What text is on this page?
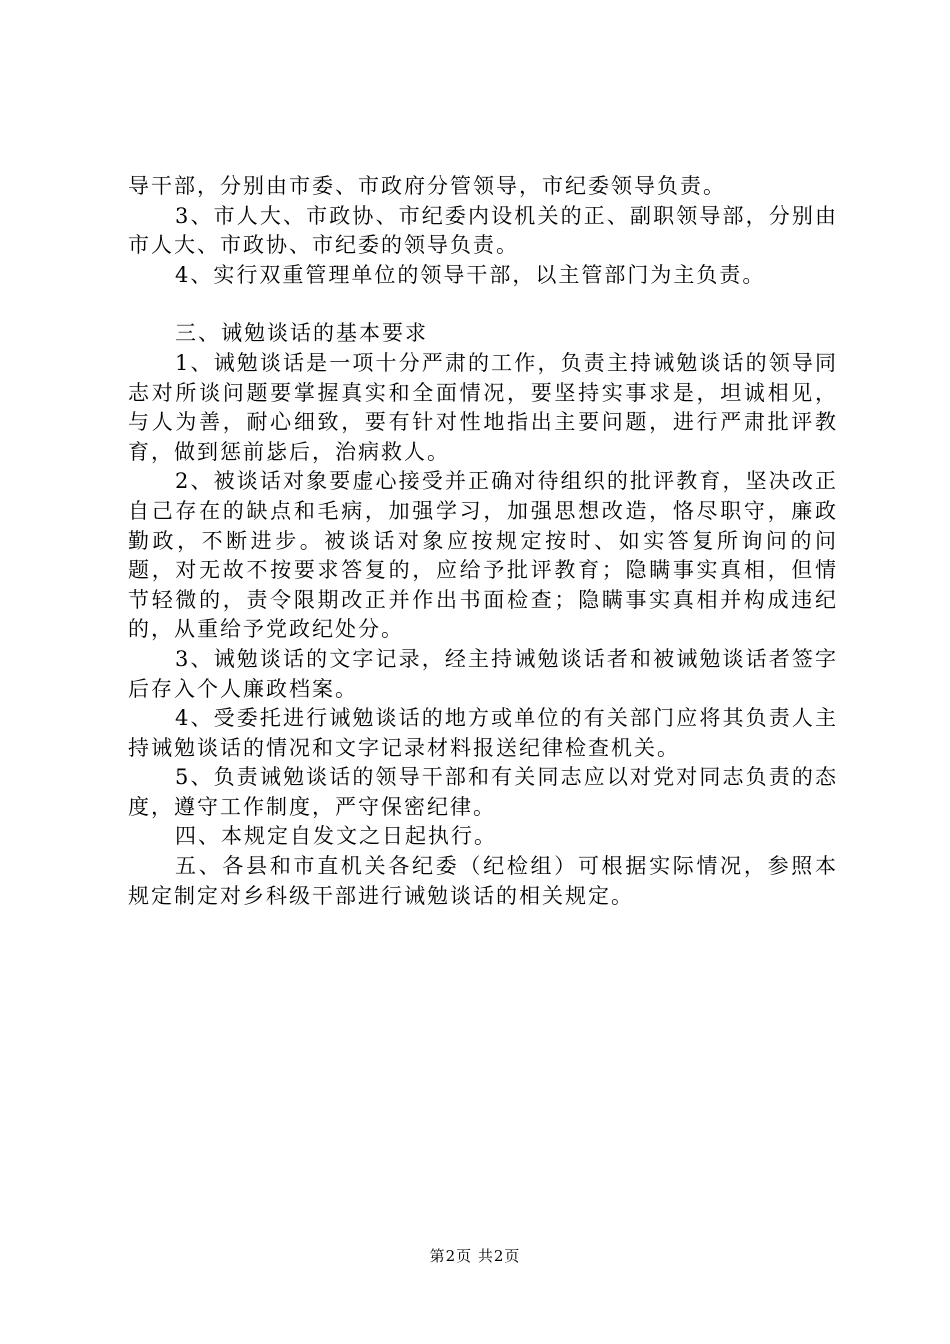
导干部，分别由市委、市政府分管领导，市纪委领导负责。

3、市人大、市政协、市纪委内设机关的正、副职领导部，分别由市人大、市政协、市纪委的领导负责。

4、实行双重管理单位的领导干部，以主管部门为主负责。

三、诫勉谈话的基本要求

1、诫勉谈话是一项十分严肃的工作，负责主持诫勉谈话的领导同志对所谈问题要掌握真实和全面情况，要坚持实事求是，坦诚相见，与人为善，耐心细致，要有针对性地指出主要问题，进行严肃批评教育，做到惩前毖后，治病救人。

2、被谈话对象要虚心接受并正确对待组织的批评教育，坚决改正自己存在的缺点和毛病，加强学习，加强思想改造，恪尽职守，廉政勤政，不断进步。被谈话对象应按规定按时、如实答复所询问的问题，对无故不按要求答复的，应给予批评教育；隐瞒事实真相，但情节轻微的，责令限期改正并作出书面检查；隐瞒事实真相并构成违纪的，从重给予党政纪处分。

3、诫勉谈话的文字记录，经主持诫勉谈话者和被诫勉谈话者签字后存入个人廉政档案。

4、受委托进行诫勉谈话的地方或单位的有关部门应将其负责人主持诫勉谈话的情况和文字记录材料报送纪律检查机关。

5、负责诫勉谈话的领导干部和有关同志应以对党对同志负责的态度，遵守工作制度，严守保密纪律。

四、本规定自发文之日起执行。

五、各县和市直机关各纪委（纪检组）可根据实际情况，参照本规定制定对乡科级干部进行诫勉谈话的相关规定。

第2页 共2页
